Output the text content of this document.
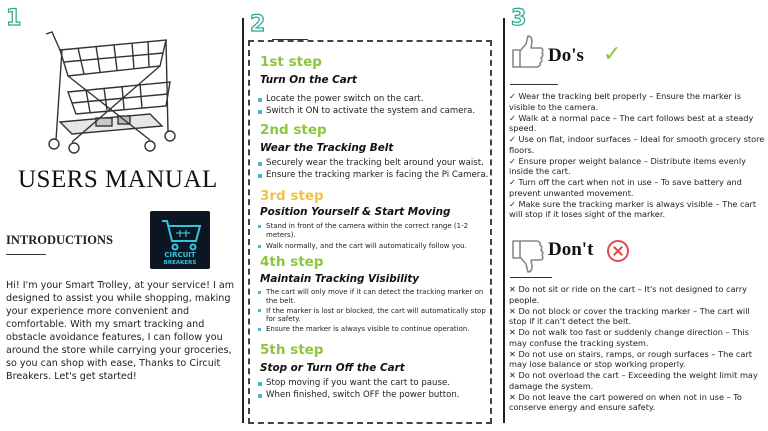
1
USERS MANUAL
INTRODUCTIONS
CIRCUIT
BREAKERS

Hi! I'm your Smart Trolley, at your service! I am designed to assist you while shopping, making your experience more convenient and comfortable. With my smart tracking and obstacle avoidance features, I can follow you around the store while carrying your groceries, so you can shop with ease, Thanks to Circuit Breakers. Let's get started!

2
1st step
Turn On the Cart
Locate the power switch on the cart.
Switch it ON to activate the system and camera.
2nd step
Wear the Tracking Belt
Securely wear the tracking belt around your waist.
Ensure the tracking marker is facing the Pi Camera.
3rd step
Position Yourself & Start Moving
Stand in front of the camera within the correct range (1-2 meters).
Walk normally, and the cart will automatically follow you.
4th step
Maintain Tracking Visibility
The cart will only move if it can detect the tracking marker on the belt.
If the marker is lost or blocked, the cart will automatically stop for safety.
Ensure the marker is always visible to continue operation.
5th step
Stop or Turn Off the Cart
Stop moving if you want the cart to pause.
When finished, switch OFF the power button.
3
Do's ✓
✓ Wear the tracking belt properly – Ensure the marker is visible to the camera.
✓ Walk at a normal pace – The cart follows best at a steady speed.
✓ Use on flat, indoor surfaces – Ideal for smooth grocery store floors.
✓ Ensure proper weight balance – Distribute items evenly inside the cart.
✓ Turn off the cart when not in use – To save battery and prevent unwanted movement.
✓ Make sure the tracking marker is always visible – The cart will stop if it loses sight of the marker.
Don't
✕ Do not sit or ride on the cart – It's not designed to carry people.
✕ Do not block or cover the tracking marker – The cart will stop if it can't detect the belt.
✕ Do not walk too fast or suddenly change direction – This may confuse the tracking system.
✕ Do not use on stairs, ramps, or rough surfaces – The cart may lose balance or stop working properly.
✕ Do not overload the cart – Exceeding the weight limit may damage the system.
✕ Do not leave the cart powered on when not in use – To conserve energy and ensure safety.
